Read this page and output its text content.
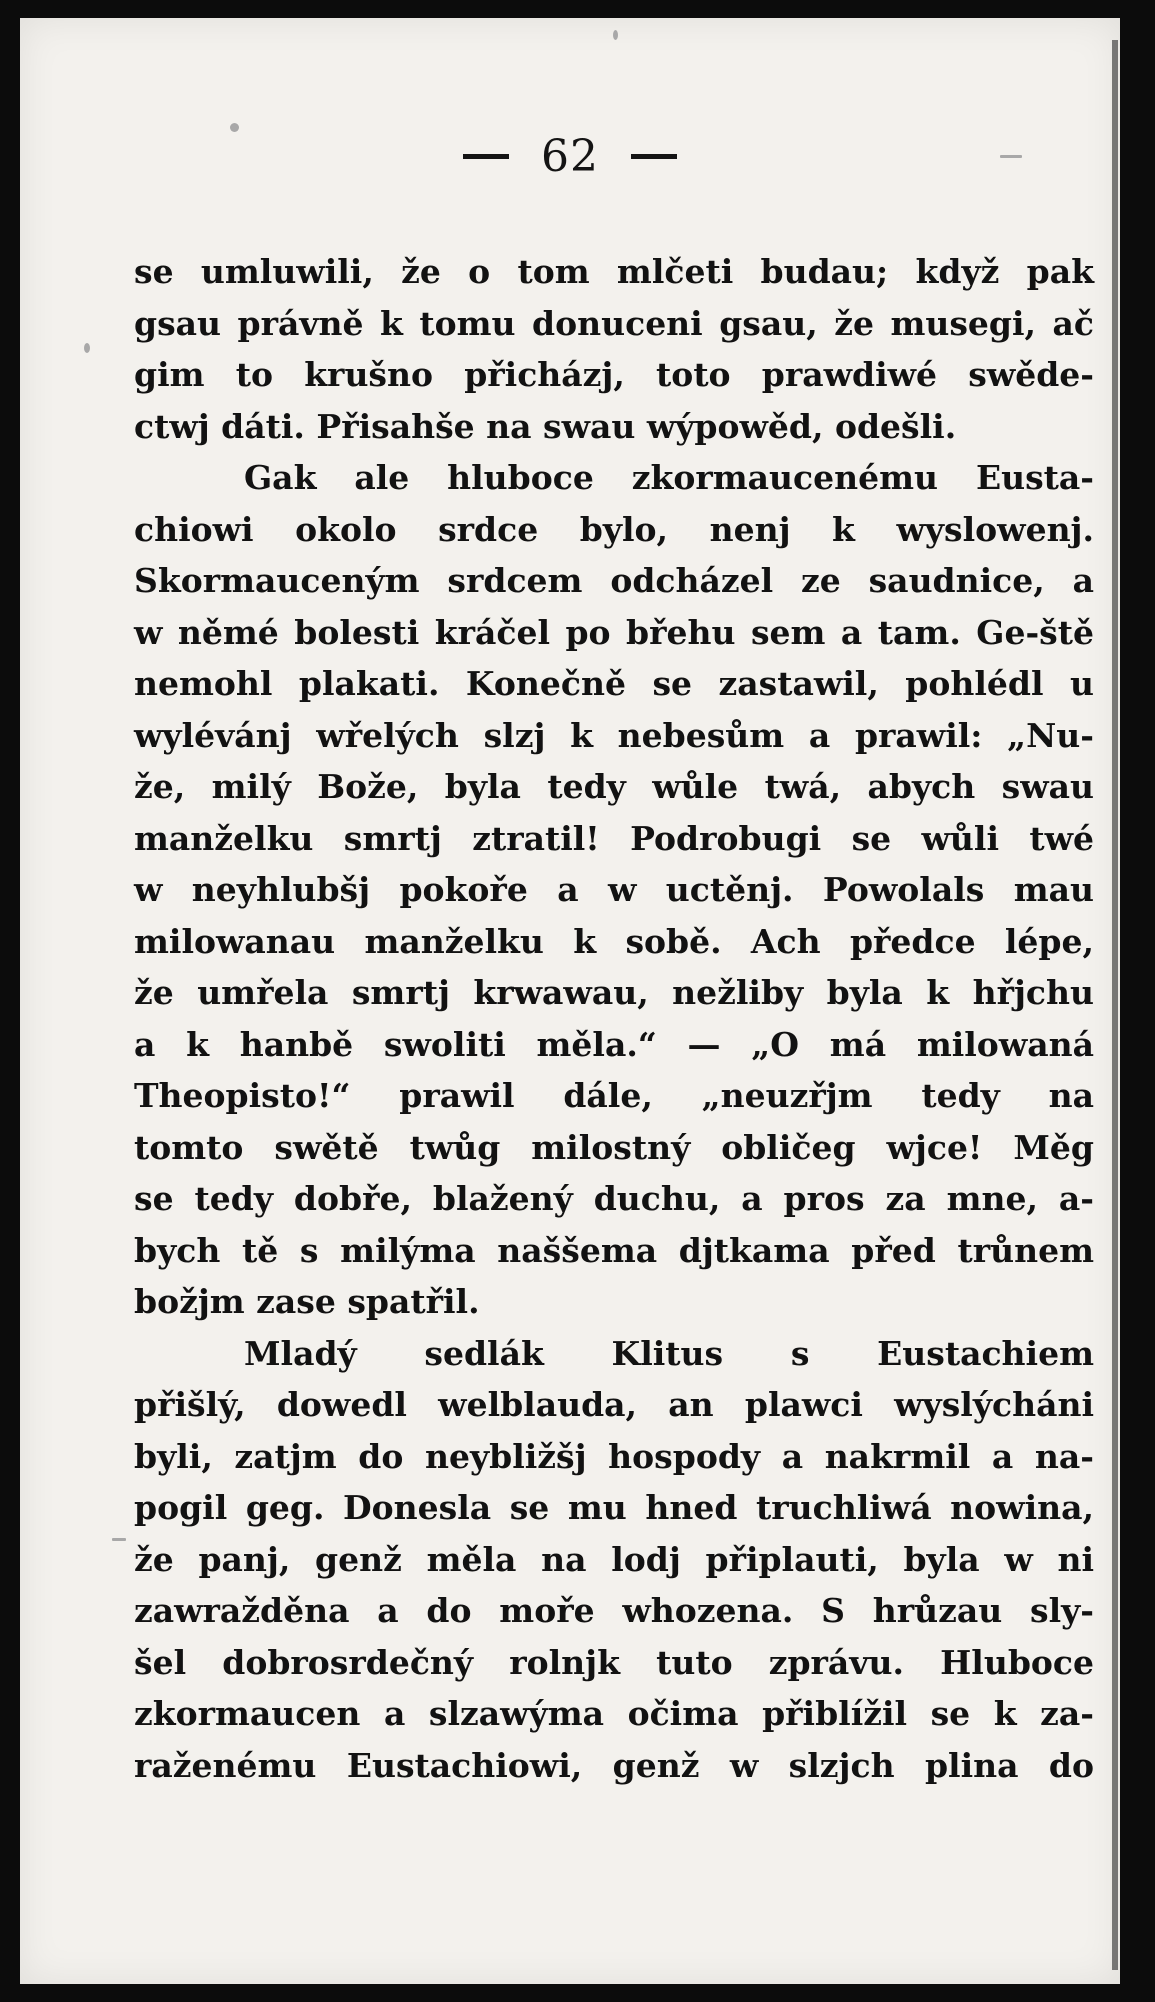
62
se umluwili, že o tom mlčeti budau; když pak
gsau právně k tomu donuceni gsau, že musegi, ač
gim to krušno přicházj, toto prawdiwé swěde-
ctwj dáti. Přisahše na swau wýpowěd, odešli.
Gak ale hluboce zkormaucenému Eusta-
chiowi okolo srdce bylo, nenj k wyslowenj.
Skormauceným srdcem odcházel ze saudnice, a
w němé bolesti kráčel po břehu sem a tam. Ge-ště
nemohl plakati. Konečně se zastawil, pohlédl u
wylévánj wřelých slzj k nebesům a prawil: „Nu-
že, milý Bože, byla tedy wůle twá, abych swau
manželku smrtj ztratil! Podrobugi se wůli twé
w neyhlubšj pokoře a w uctěnj. Powolals mau
milowanau manželku k sobě. Ach předce lépe,
že umřela smrtj krwawau, nežliby byla k hřjchu
a k hanbě swoliti měla.“ — „O má milowaná
Theopisto!“ prawil dále, „neuzřjm tedy na
tomto swětě twůg milostný obličeg wjce! Měg
se tedy dobře, blažený duchu, a pros za mne, a-
bych tě s milýma naššema djtkama před trůnem
božjm zase spatřil.
Mladý sedlák Klitus s Eustachiem
přišlý, dowedl welblauda, an plawci wyslýcháni
byli, zatjm do neybližšj hospody a nakrmil a na-
pogil geg. Donesla se mu hned truchliwá nowina,
že panj, genž měla na lodj připlauti, byla w ni
zawražděna a do moře whozena. S hrůzau sly-
šel dobrosrdečný rolnjk tuto zprávu. Hluboce
zkormaucen a slzawýma očima přiblížil se k za-
raženému Eustachiowi, genž w slzjch plina do
